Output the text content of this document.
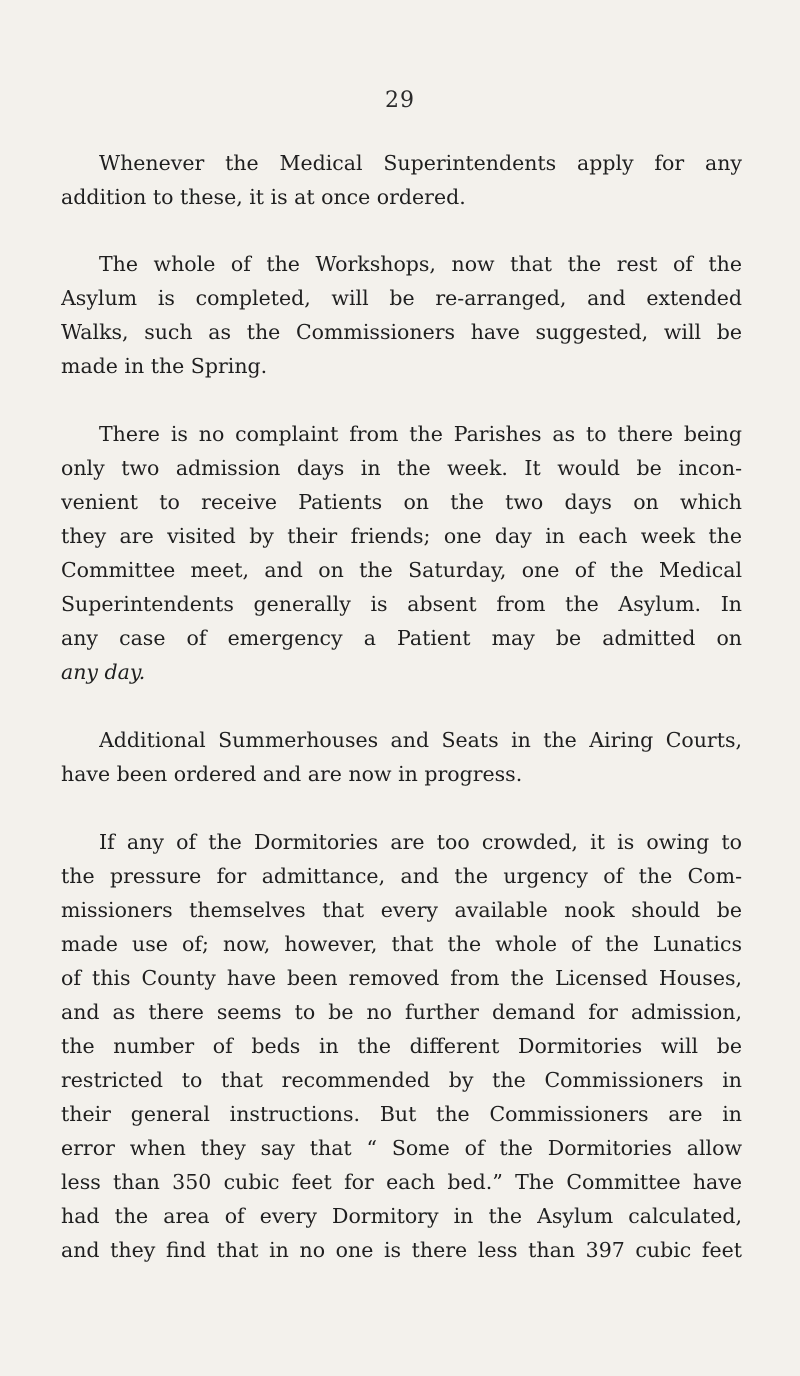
29
Whenever the Medical Superintendents apply for any
addition to these, it is at once ordered.
The whole of the Workshops, now that the rest of the
Asylum is completed, will be re-arranged, and extended
Walks, such as the Commissioners have suggested, will be
made in the Spring.
There is no complaint from the Parishes as to there being
only two admission days in the week. It would be incon-
venient to receive Patients on the two days on which
they are visited by their friends; one day in each week the
Committee meet, and on the Saturday, one of the Medical
Superintendents generally is absent from the Asylum. In
any case of emergency a Patient may be admitted on
any day.
Additional Summerhouses and Seats in the Airing Courts,
have been ordered and are now in progress.
If any of the Dormitories are too crowded, it is owing to
the pressure for admittance, and the urgency of the Com-
missioners themselves that every available nook should be
made use of; now, however, that the whole of the Lunatics
of this County have been removed from the Licensed Houses,
and as there seems to be no further demand for admission,
the number of beds in the different Dormitories will be
restricted to that recommended by the Commissioners in
their general instructions. But the Commissioners are in
error when they say that “ Some of the Dormitories allow
less than 350 cubic feet for each bed.” The Committee have
had the area of every Dormitory in the Asylum calculated,
and they find that in no one is there less than 397 cubic feet
